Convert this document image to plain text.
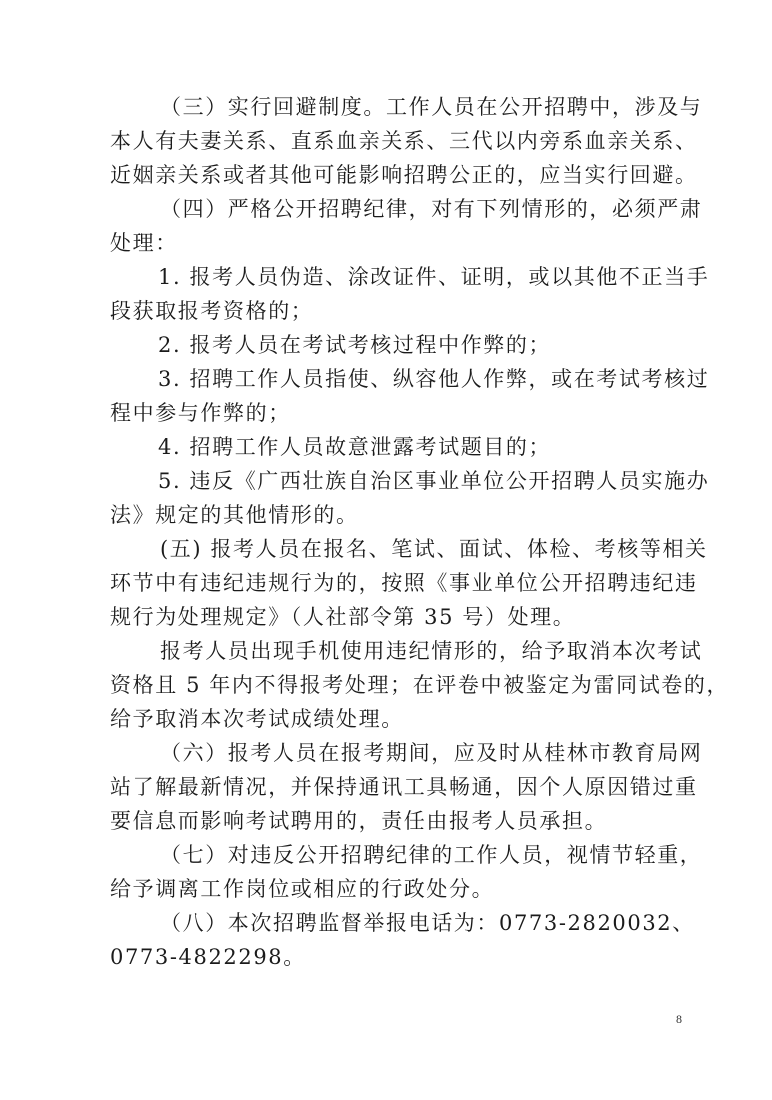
（三）实行回避制度。工作人员在公开招聘中，涉及与
本人有夫妻关系、直系血亲关系、三代以内旁系血亲关系、
近姻亲关系或者其他可能影响招聘公正的，应当实行回避。
（四）严格公开招聘纪律，对有下列情形的，必须严肃
处理：
1. 报考人员伪造、涂改证件、证明，或以其他不正当手
段获取报考资格的；
2. 报考人员在考试考核过程中作弊的；
3. 招聘工作人员指使、纵容他人作弊，或在考试考核过
程中参与作弊的；
4. 招聘工作人员故意泄露考试题目的；
5. 违反《广西壮族自治区事业单位公开招聘人员实施办
法》规定的其他情形的。
(五) 报考人员在报名、笔试、面试、体检、考核等相关
环节中有违纪违规行为的，按照《事业单位公开招聘违纪违
规行为处理规定》（人社部令第 35 号）处理。
报考人员出现手机使用违纪情形的，给予取消本次考试
资格且 5 年内不得报考处理；在评卷中被鉴定为雷同试卷的，
给予取消本次考试成绩处理。
（六）报考人员在报考期间，应及时从桂林市教育局网
站了解最新情况，并保持通讯工具畅通，因个人原因错过重
要信息而影响考试聘用的，责任由报考人员承担。
（七）对违反公开招聘纪律的工作人员，视情节轻重，
给予调离工作岗位或相应的行政处分。
（八）本次招聘监督举报电话为：0773-2820032、
0773-4822298。
8
